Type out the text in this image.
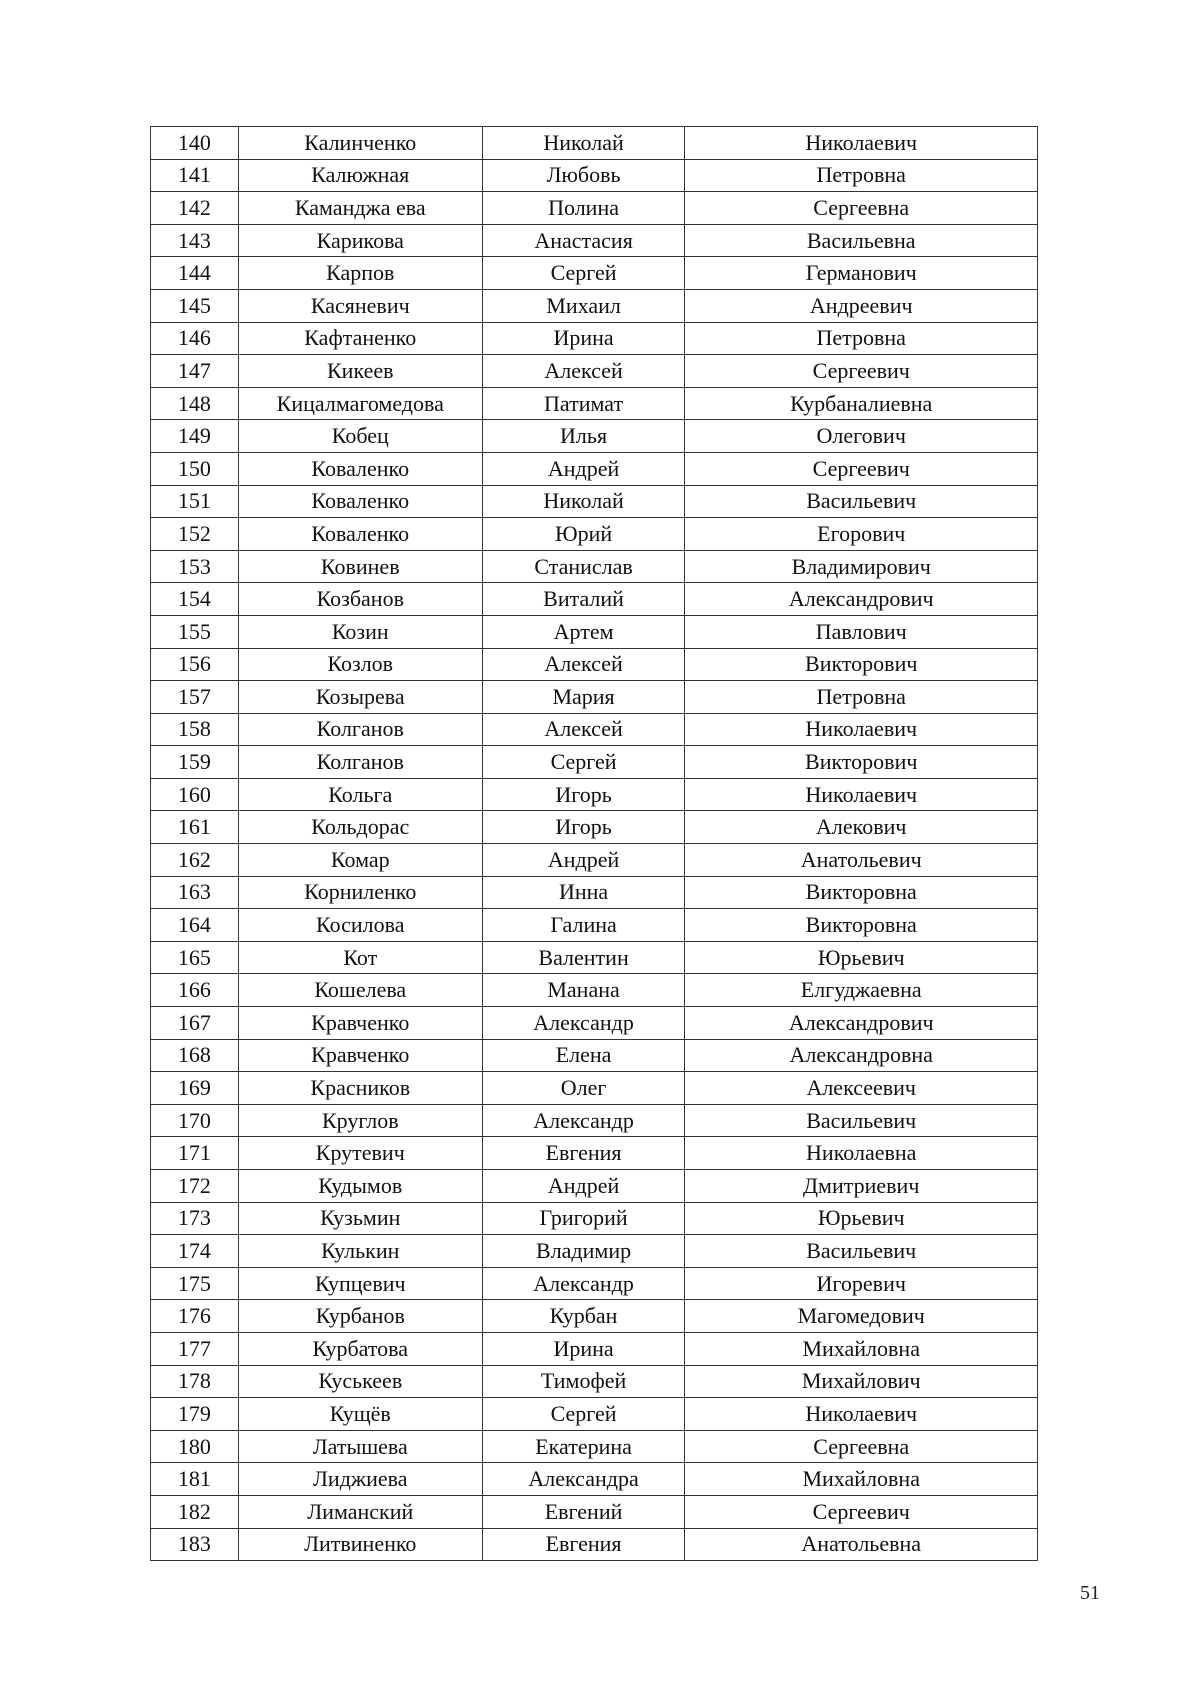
140	Калинченко	Николай	Николаевич
141	Калюжная	Любовь	Петровна
142	Каманджа ева	Полина	Сергеевна
143	Карикова	Анастасия	Васильевна
144	Карпов	Сергей	Германович
145	Касяневич	Михаил	Андреевич
146	Кафтаненко	Ирина	Петровна
147	Кикеев	Алексей	Сергеевич
148	Кицалмагомедова	Патимат	Курбаналиевна
149	Кобец	Илья	Олегович
150	Коваленко	Андрей	Сергеевич
151	Коваленко	Николай	Васильевич
152	Коваленко	Юрий	Егорович
153	Ковинев	Станислав	Владимирович
154	Козбанов	Виталий	Александрович
155	Козин	Артем	Павлович
156	Козлов	Алексей	Викторович
157	Козырева	Мария	Петровна
158	Колганов	Алексей	Николаевич
159	Колганов	Сергей	Викторович
160	Кольга	Игорь	Николаевич
161	Кольдорас	Игорь	Алекович
162	Комар	Андрей	Анатольевич
163	Корниленко	Инна	Викторовна
164	Косилова	Галина	Викторовна
165	Кот	Валентин	Юрьевич
166	Кошелева	Манана	Елгуджаевна
167	Кравченко	Александр	Александрович
168	Кравченко	Елена	Александровна
169	Красников	Олег	Алексеевич
170	Круглов	Александр	Васильевич
171	Крутевич	Евгения	Николаевна
172	Кудымов	Андрей	Дмитриевич
173	Кузьмин	Григорий	Юрьевич
174	Кулькин	Владимир	Васильевич
175	Купцевич	Александр	Игоревич
176	Курбанов	Курбан	Магомедович
177	Курбатова	Ирина	Михайловна
178	Куськеев	Тимофей	Михайлович
179	Кущёв	Сергей	Николаевич
180	Латышева	Екатерина	Сергеевна
181	Лиджиева	Александра	Михайловна
182	Лиманский	Евгений	Сергеевич
183	Литвиненко	Евгения	Анатольевна
51
